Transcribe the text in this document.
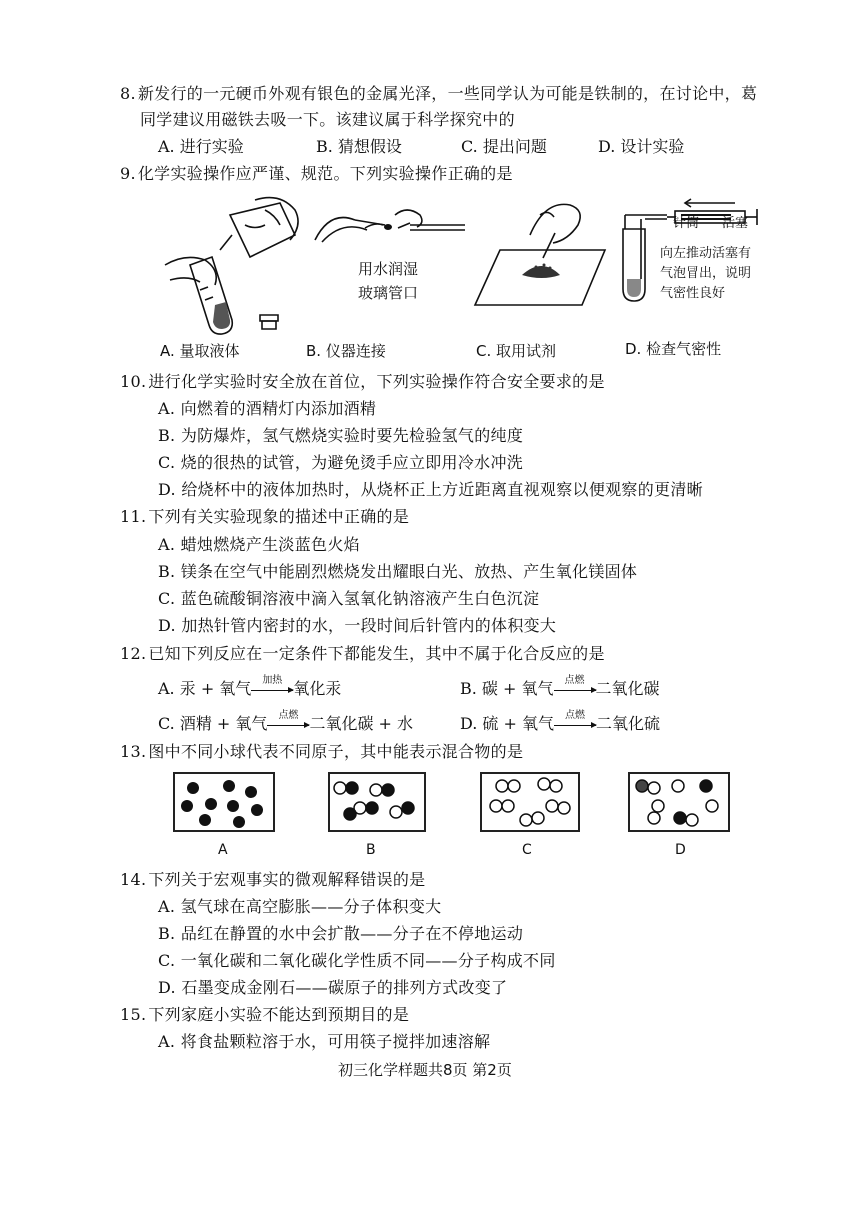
8. 新发行的一元硬币外观有银色的金属光泽，一些同学认为可能是铁制的，在讨论中，葛
同学建议用磁铁去吸一下。该建议属于科学探究中的
A. 进行实验	B. 猜想假设	C. 提出问题	D. 设计实验
9. 化学实验操作应严谨、规范。下列实验操作正确的是
用水润湿
玻璃管口
针筒 活塞
向左推动活塞有
气泡冒出，说明
气密性良好
A. 量取液体	B. 仪器连接	C. 取用试剂	D. 检查气密性
10. 进行化学实验时安全放在首位，下列实验操作符合安全要求的是
A. 向燃着的酒精灯内添加酒精
B. 为防爆炸，氢气燃烧实验时要先检验氢气的纯度
C. 烧的很热的试管，为避免烫手应立即用冷水冲洗
D. 给烧杯中的液体加热时，从烧杯正上方近距离直视观察以便观察的更清晰
11. 下列有关实验现象的描述中正确的是
A. 蜡烛燃烧产生淡蓝色火焰
B. 镁条在空气中能剧烈燃烧发出耀眼白光、放热、产生氧化镁固体
C. 蓝色硫酸铜溶液中滴入氢氧化钠溶液产生白色沉淀
D. 加热针管内密封的水，一段时间后针管内的体积变大
12. 已知下列反应在一定条件下都能发生，其中不属于化合反应的是
A. 汞 + 氧气	加热 氧化汞	B. 碳 + 氧气	点燃 二氧化碳
C. 酒精 + 氧气	点燃 二氧化碳 + 水	D. 硫 + 氧气	点燃 二氧化硫
13. 图中不同小球代表不同原子，其中能表示混合物的是
A	B	C	D
14. 下列关于宏观事实的微观解释错误的是
A. 氢气球在高空膨胀——分子体积变大
B. 品红在静置的水中会扩散——分子在不停地运动
C. 一氧化碳和二氧化碳化学性质不同——分子构成不同
D. 石墨变成金刚石——碳原子的排列方式改变了
15. 下列家庭小实验不能达到预期目的是
A. 将食盐颗粒溶于水，可用筷子搅拌加速溶解
初三化学样题共8页 第2页
